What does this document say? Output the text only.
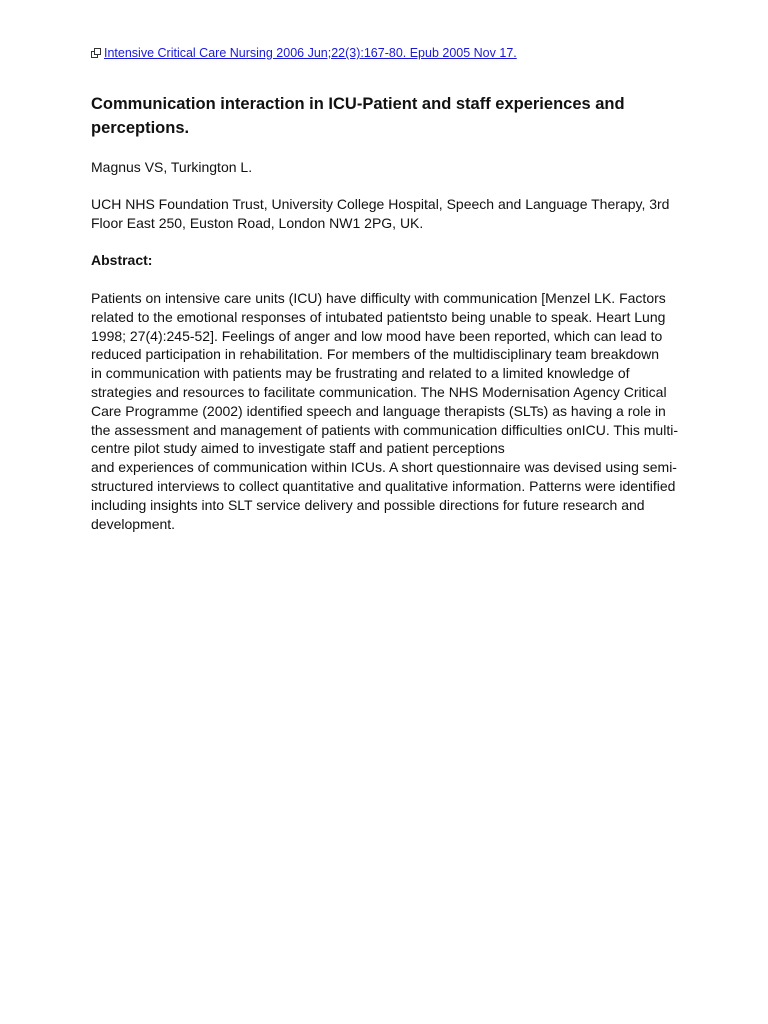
Intensive Critical Care Nursing 2006 Jun;22(3):167-80. Epub 2005 Nov 17.
Communication interaction in ICU-Patient and staff experiences and perceptions.

Magnus VS, Turkington L.

UCH NHS Foundation Trust, University College Hospital, Speech and Language Therapy, 3rd Floor East 250, Euston Road, London NW1 2PG, UK.

Abstract:

Patients on intensive care units (ICU) have difficulty with communication [Menzel LK. Factors
related to the emotional responses of intubated patientsto being unable to speak. Heart Lung
1998; 27(4):245-52]. Feelings of anger and low mood have been reported, which can lead to
reduced participation in rehabilitation. For members of the multidisciplinary team breakdown
in communication with patients may be frustrating and related to a limited knowledge of
strategies and resources to facilitate communication. The NHS Modernisation Agency Critical
Care Programme (2002) identified speech and language therapists (SLTs) as having a role in
the assessment and management of patients with communication difficulties onICU. This multi-
centre pilot study aimed to investigate staff and patient perceptions
and experiences of communication within ICUs. A short questionnaire was devised using semi-
structured interviews to collect quantitative and qualitative information. Patterns were identified
including insights into SLT service delivery and possible directions for future research and
development.
